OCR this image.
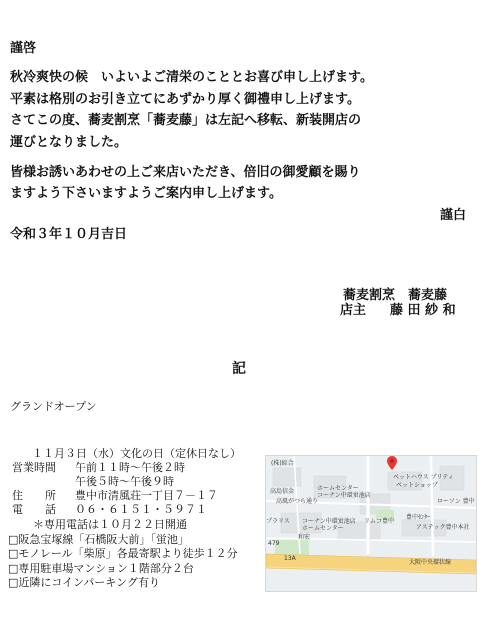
謹啓
秋冷爽快の候　いよいよご清栄のこととお喜び申し上げます。
平素は格別のお引き立てにあずかり厚く御禮申し上げます。
さてこの度、蕎麦割烹「蕎麦藤」は左記へ移転、新装開店の
運びとなりました。
皆様お誘いあわせの上ご来店いただき、倍旧の御愛顧を賜り
ますよう下さいますようご案内申し上げます。
謹白
令和３年１０月吉日
蕎麦割烹　蕎麦藤
店主 藤 田 紗 和
記
グランドオープン
１１月３日（水）文化の日（定休日なし）
営業時間 午前１１時～午後２時
午後５時～午後９時
住　　所 豊中市清風荘一丁目７－１７
電　　話 ０６・６１５１・５９７１
＊専用電話は１０月２２日開通
□阪急宝塚線「石橋阪大前」「蛍池」
□モノレール「柴原」各最寄駅より徒歩１２分
□専用駐車場マンション１階部分２台
□近隣にコインパーキング有り
(株)綜合
高島信金
高風がつら通り
ペットハウス プリティ
ペットショップ
ホームセンター
コーナン中環蛍池店
ローソン 豊中
プラリス コーナン中環蛍池店
ホームセンター
リムコ豊中
豊中ｾﾝﾀｰ
アステック豊中本社
和宏
479
13A
大阪中央環状線
